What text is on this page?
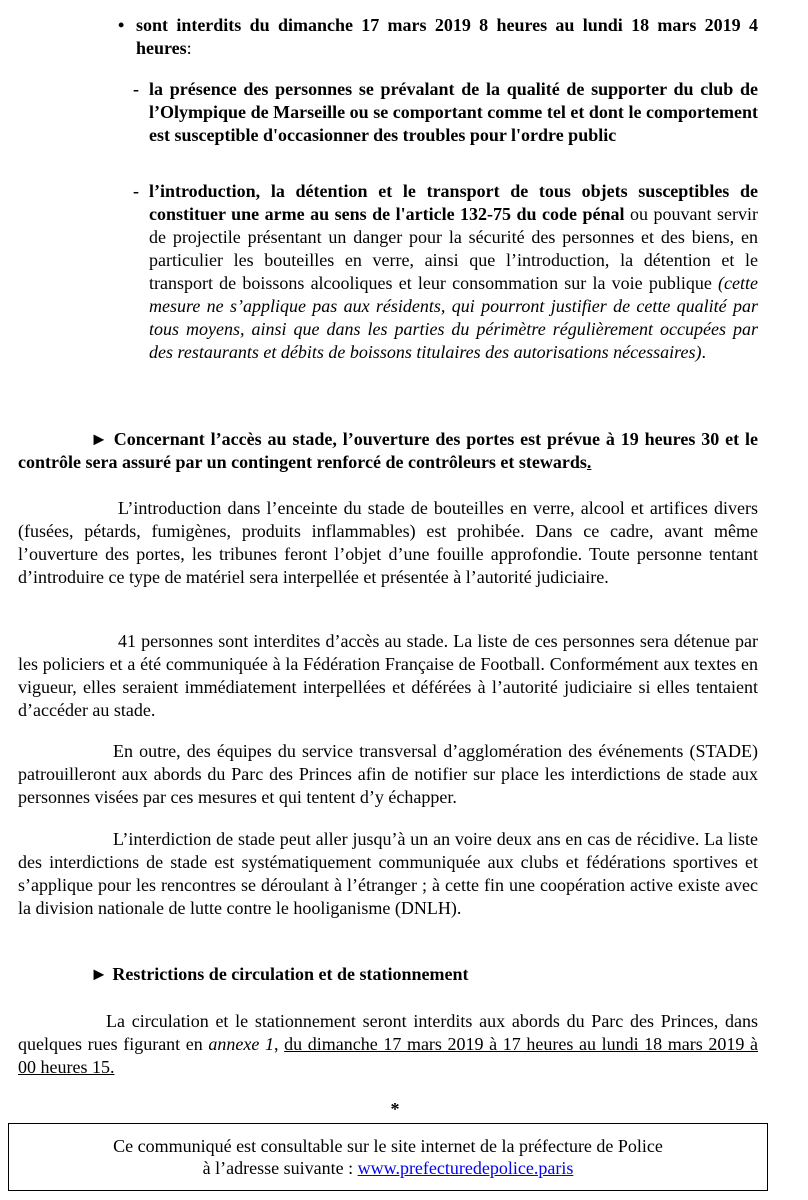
• sont interdits du dimanche 17 mars 2019 8 heures au lundi 18 mars 2019 4 heures:
- la présence des personnes se prévalant de la qualité de supporter du club de l’Olympique de Marseille ou se comportant comme tel et dont le comportement est susceptible d'occasionner des troubles pour l'ordre public
- l’introduction, la détention et le transport de tous objets susceptibles de constituer une arme au sens de l'article 132-75 du code pénal ou pouvant servir de projectile présentant un danger pour la sécurité des personnes et des biens, en particulier les bouteilles en verre, ainsi que l’introduction, la détention et le transport de boissons alcooliques et leur consommation sur la voie publique (cette mesure ne s’applique pas aux résidents, qui pourront justifier de cette qualité par tous moyens, ainsi que dans les parties du périmètre régulièrement occupées par des restaurants et débits de boissons titulaires des autorisations nécessaires).
► Concernant l’accès au stade, l’ouverture des portes est prévue à 19 heures 30 et le contrôle sera assuré par un contingent renforcé de contrôleurs et stewards.
L’introduction dans l’enceinte du stade de bouteilles en verre, alcool et artifices divers (fusées, pétards, fumigènes, produits inflammables) est prohibée. Dans ce cadre, avant même l’ouverture des portes, les tribunes feront l’objet d’une fouille approfondie. Toute personne tentant d’introduire ce type de matériel sera interpellée et présentée à l’autorité judiciaire.
41 personnes sont interdites d’accès au stade. La liste de ces personnes sera détenue par les policiers et a été communiquée à la Fédération Française de Football. Conformément aux textes en vigueur, elles seraient immédiatement interpellées et déférées à l’autorité judiciaire si elles tentaient d’accéder au stade.
En outre, des équipes du service transversal d’agglomération des événements (STADE) patrouilleront aux abords du Parc des Princes afin de notifier sur place les interdictions de stade aux personnes visées par ces mesures et qui tentent d’y échapper.
L’interdiction de stade peut aller jusqu’à un an voire deux ans en cas de récidive. La liste des interdictions de stade est systématiquement communiquée aux clubs et fédérations sportives et s’applique pour les rencontres se déroulant à l’étranger ; à cette fin une coopération active existe avec la division nationale de lutte contre le hooliganisme (DNLH).
► Restrictions de circulation et de stationnement
La circulation et le stationnement seront interdits aux abords du Parc des Princes, dans quelques rues figurant en annexe 1, du dimanche 17 mars 2019 à 17 heures au lundi 18 mars 2019 à 00 heures 15.
*
Ce communiqué est consultable sur le site internet de la préfecture de Police
à l’adresse suivante : www.prefecturedepolice.paris
